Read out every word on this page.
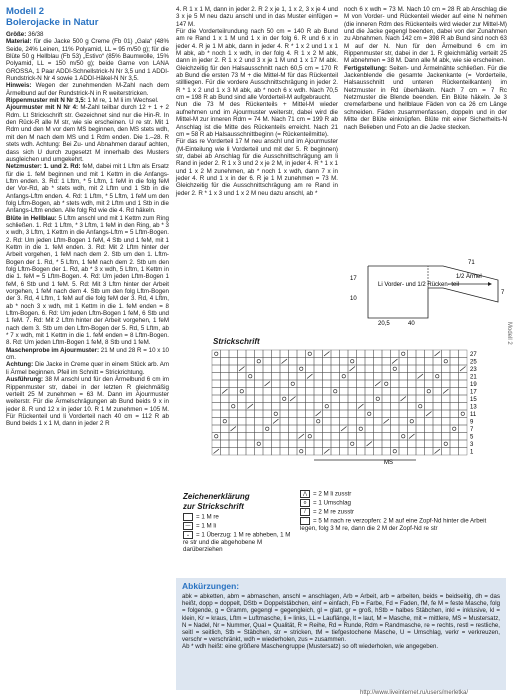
Modell 2
Bolerojacke in Natur

Größe: 36/38

Material: für die Jacke 500 g Creme (Fb 01) „Gala“ (48% Seide, 24% Leinen, 11% Polyamid, LL = 95 m/50 g); für die Blüte 50 g Hellblau (Fb 53) „Estivo“ (85% Baumwolle, 15% Polyamid, LL = 150 m/50 g); beide Garne von LANA GROSSA, 1 Paar ADDI-Schnellstrick-N Nr 3,5 und 1 ADDI-Rundstrick-N Nr 4 sowie 1 ADDI-Häkel-N Nr 3,5.

Hinweis: Wegen der zunehmenden M-Zahl nach dem Ärmelbund auf der Rundstrick-N in R weiterstricken.

Rippenmuster mit N Nr 3,5: 1 M re, 1 M li im Wechsel.

Ajourmuster mit N Nr 4: M-Zahl teilbar durch 12 + 1 + 2 Rdm. Lt Strickschrift str. Gezeichnet sind nur die Hin-R. In den Rück-R alle M str, wie sie erscheinen. U re str. Mit 1 Rdm und den M vor dem MS beginnen, den MS stets wdh, mit den M nach dem MS und 1 Rdm enden. Die 1.–28. R stets wdh. Achtung: Bei Zu- und Abnahmen darauf achten, dass sich U durch zugesetzt M innerhalb des Musters ausgleichen und umgekehrt.

Netzmuster: 1. und 2. Rd: feM, dabei mit 1 Lftm als Ersatz für die 1. feM beginnen und mit 1 Kettm in die Anfangs-Lftm enden. 3. Rd: 1 Lftm, * 5 Lftm, 1 feM in die folg feM der Vor-Rd, ab * stets wdh, mit 2 Lftm und 1 Stb in die Anfangs-Lftm enden. 4. Rd: 1 Lftm, * 5 Lftm, 1 feM um den folg Lftm-Bogen, ab * stets wdh, mit 2 Lftm und 1 Stb in die Anfangs-Lftm enden. Alle folg Rd wie die 4. Rd häkeln.

Blüte in Hellblau: 5 Lftm anschl und mit 1 Kettm zum Ring schließen. 1. Rd: 1 Lftm, * 3 Lftm, 1 feM in den Ring, ab * 3 x wdh, 3 Lftm, 1 Kettm in die Anfangs-Lftm = 5 Lftm-Bogen. 2. Rd: Um jeden Lftm-Bogen 1 feM, 4 Stb und 1 feM, mit 1 Kettm in die 1. feM enden. 3. Rd: Mit 2 Lftm hinter der Arbeit vorgehen, 1 feM nach dem 2. Stb um den 1. Lftm-Bogen der 1. Rd, * 5 Lftm, 1 feM nach dem 2. Stb um den folg Lftm-Bogen der 1. Rd, ab * 3 x wdh, 5 Lftm, 1 Kettm in die 1. feM = 5 Lftm-Bogen. 4. Rd: Um jeden Lftm-Bogen 1 feM, 6 Stb und 1 feM. 5. Rd: Mit 3 Lftm hinter der Arbeit vorgehen, 1 feM nach dem 4. Stb um den folg Lftm-Bogen der 3. Rd, 4 Lftm, 1 feM auf die folg feM der 3. Rd, 4 Lftm, ab * noch 3 x wdh, mit 1 Kettm in die 1. feM enden = 8 Lftm-Bogen. 6. Rd: Um jeden Lftm-Bogen 1 feM, 6 Stb und 1 feM. 7. Rd: Mit 2 Lftm hinter der Arbeit vorgehen, 1 feM nach dem 3. Stb um den Lftm-Bogen der 5. Rd, 5 Lftm, ab * 7 x wdh, mit 1 Kettm in die 1. feM enden = 8 Lftm-Bogen. 8. Rd: Um jeden Lftm-Bogen 1 feM, 8 Stb und 1 feM.

Maschenprobe im Ajourmuster: 21 M und 28 R = 10 x 10 cm.

Achtung: Die Jacke in Creme quer in einem Stück arb. Am li Ärmel beginnen. Pfeil im Schnitt = Strickrichtung.

Ausführung: 38 M anschl und für den Ärmelbund 6 cm im Rippenmuster str, dabei in der letzten R gleichmäßig verteilt 25 M zunehmen = 63 M. Dann im Ajourmuster weiterstr. Für die Ärmelschrägungen ab Bund beids 9 x in jeder 8. R und 12 x in jeder 10. R 1 M zunehmen = 105 M. Für Rückenteil und li Vorderteil nach 40 cm = 112 R ab Bund beids 1 x 1 M, dann in jeder 2 R

4. R 1 x 1 M, dann in jeder 2. R 2 x je 1, 1 x 2, 3 x je 4 und 3 x je 5 M neu dazu anschl und in das Muster einfügen = 147 M.

Für die Vorderteilrundung nach 50 cm = 140 R ab Bund am re Rand 1 x 1 M und 1 x in der folg 6. R und 6 x in jeder 4. R je 1 M abk, dann in jeder 4. R * 1 x 2 und 1 x 1 M abk, ab * noch 1 x wdh, in der folg 4. R 1 x 2 M abk, dann in jeder 2. R 1 x 2 und 3 x je 1 M und 1 x 17 M abk. Gleichzeitig für den Halsausschnitt nach 60,5 cm = 170 R ab Bund die ersten 73 M + die Mittel-M für das Rückenteil stillliegen. Für die vordere Ausschnittschrägung in jeder 2. R * 1 x 2 und 1 x 3 M abk, ab * noch 6 x wdh. Nach 70,5 cm = 198 R ab Bund sind alle Vorderteil-M aufgebraucht.

Nun die 73 M des Rückenteils + Mittel-M wieder aufnehmen und im Ajourmuster weiterstr, dabei wird die Mittel-M zur inneren Rdm = 74 M. Nach 71 cm = 199 R ab Anschlag ist die Mitte des Rückenteils erreicht. Nach 21 cm = 58 R ab Halsausschnittbeginn (= Rückenteilmitte).

Für das re Vorderteil 17 M neu anschl und im Ajourmuster (M-Einteilung wie li Vorderteil und mit der 5. R beginnen) str, dabei ab Anschlag für die Ausschnittschrägung am li Rand in jeder 2. R 1 x 3 und 2 x je 2 M, in jeder 4. R * 1 x 1 und 1 x 2 M zunehmen, ab * noch 1 x wdh, dann 7 x in jeder 4. R und 1 x in der 6. R je 1 M zunehmen = 73 M. Gleichzeitig für die Ausschnittschrägung am re Rand in jeder 2. R * 1 x 3 und 1 x 2 M neu dazu anschl, ab *

noch 6 x wdh = 73 M. Nach 10 cm = 28 R ab Anschlag die M von Vorder- und Rückenteil wieder auf eine N nehmen (die inneren Rdm des Rückenteils wird wieder zur Mittel-M) und die Jacke gegengl beenden, dabei von der Zunahmen zu Abnahmen. Nach 142 cm = 398 R ab Bund sind noch 63 M auf der N. Nun für den Ärmelbund 6 cm im Rippenmuster str, dabei in der 1. R gleichmäßig verteilt 25 M abnehmen = 38 M. Dann alle M abk, wie sie erscheinen.

Fertigstellung: Seiten- und Ärmelnähte schließen. Für die Jackenblende die gesamte Jackenkante (= Vorderteile, Halsausschnitt und unteren Rückenteilkanten) im Netzmuster in Rd überhäkeln. Nach 7 cm = 7 Rc Netzmuster die Blende beenden. Ein Blüte häkeln. Je 3 cremefarbene und hellblaue Fäden von ca 26 cm Länge schneiden. Fäden zusammenfassen, doppeln und in der Mitte der Blüte einknüpfen. Blüte mit einer Sicherheits-N nach Belieben und Foto an die Jacke stecken.

Li Vorder- und 1/2 Rücken- teil
1/2 Ärmel
17
10
7
20,5	40
71
Strickschrift
27
25
23
21
19
17
15
13
11
9
7
5
3
1
MS
Zeichenerklärung
zur Strickschrift
= 1 M re
— = 1 M li
⌄ = 1 Überzug: 1 M re abheben, 1 M re str und die abgehobene M darüberziehen
⋀ = 2 M li zusstr
o = 1 Umschlag
/ = 2 M re zusstr
⌒ = 5 M nach re verzopfen: 2 M auf eine Zopf-Nd hinter die Arbeit legen, folg 3 M re, dann die 2 M der Zopf-Nd re str
Abkürzungen:
abk = abketten, abm = abmaschen, anschl = anschlagen, Arb = Arbeit, arb = arbeiten, beids = beidseitig, dh = das heißt, dopp = doppelt, DStb = Doppelstäbchen, einf = einfach, Fb = Farbe, Fd = Faden, fM, fe M = feste Masche, folg = folgende, g = Gramm, gegengl = gegengleich, gl = glatt, gr = groß, hStb = halbes Stäbchen, inkl = inklusive, kl = klein, Kr = kraus, Lftm = Luftmasche, li = links, LL = Lauflänge, lt = laut, M = Masche, mit = mittlere, MS = Mustersatz, N = Nadel, Nr = Nummer, Qual = Qualität, R = Reihe, Rd = Runde, Rdm = Randmasche, re = rechts, restl = restliche, seitl = seitlich, Stb = Stäbchen, str = stricken, tM = tiefgestochene Masche, U = Umschlag, verkr = verkreuzen, verschr = verschränkt, wdh = wiederholen, zus = zusammen.
Ab * wdh heißt: eine größere Maschengruppe (Mustersatz) so oft wiederholen, wie angegeben.
Modell 2
http://www.liveinternet.ru/users/merletka/
